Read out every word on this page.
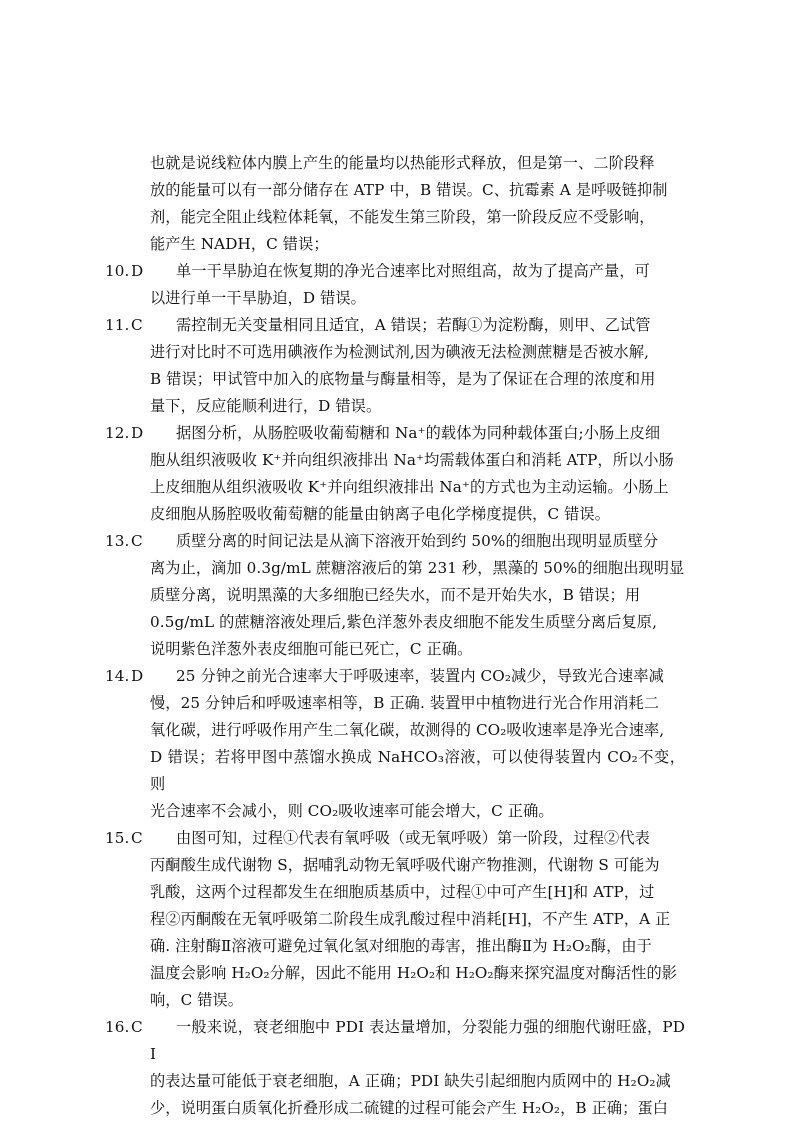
也就是说线粒体内膜上产生的能量均以热能形式释放，但是第一、二阶段释
放的能量可以有一部分储存在 ATP 中，B 错误。C、抗霉素 A 是呼吸链抑制
剂，能完全阻止线粒体耗氧，不能发生第三阶段，第一阶段反应不受影响，
能产生 NADH，C 错误；
10. D	单一干旱胁迫在恢复期的净光合速率比对照组高，故为了提高产量，可
以进行单一干旱胁迫，D 错误。
11. C	需控制无关变量相同且适宜，A 错误；若酶①为淀粉酶，则甲、乙试管
进行对比时不可选用碘液作为检测试剂,因为碘液无法检测蔗糖是否被水解,
B 错误；甲试管中加入的底物量与酶量相等，是为了保证在合理的浓度和用
量下，反应能顺利进行，D 错误。
12. D	据图分析，从肠腔吸收葡萄糖和 Na⁺的载体为同种载体蛋白;小肠上皮细
胞从组织液吸收 K⁺并向组织液排出 Na⁺均需载体蛋白和消耗 ATP，所以小肠
上皮细胞从组织液吸收 K⁺并向组织液排出 Na⁺的方式也为主动运输。小肠上
皮细胞从肠腔吸收葡萄糖的能量由钠离子电化学梯度提供，C 错误。
13. C	质壁分离的时间记法是从滴下溶液开始到约 50%的细胞出现明显质壁分
离为止，滴加 0.3g/mL 蔗糖溶液后的第 231 秒，黑藻的 50%的细胞出现明显
质壁分离，说明黑藻的大多细胞已经失水，而不是开始失水，B 错误；用
0.5g/mL 的蔗糖溶液处理后,紫色洋葱外表皮细胞不能发生质壁分离后复原,
说明紫色洋葱外表皮细胞可能已死亡，C 正确。
14. D	25 分钟之前光合速率大于呼吸速率，装置内 CO₂减少，导致光合速率减
慢，25 分钟后和呼吸速率相等，B 正确. 装置甲中植物进行光合作用消耗二
氧化碳，进行呼吸作用产生二氧化碳，故测得的 CO₂吸收速率是净光合速率,
D 错误；若将甲图中蒸馏水换成 NaHCO₃溶液，可以使得装置内 CO₂不变，则
光合速率不会减小，则 CO₂吸收速率可能会增大，C 正确。
15. C	由图可知，过程①代表有氧呼吸（或无氧呼吸）第一阶段，过程②代表
丙酮酸生成代谢物 S，据哺乳动物无氧呼吸代谢产物推测，代谢物 S 可能为
乳酸，这两个过程都发生在细胞质基质中，过程①中可产生[H]和 ATP，过
程②丙酮酸在无氧呼吸第二阶段生成乳酸过程中消耗[H]，不产生 ATP，A 正
确. 注射酶Ⅱ溶液可避免过氧化氢对细胞的毒害，推出酶Ⅱ为 H₂O₂酶，由于
温度会影响 H₂O₂分解，因此不能用 H₂O₂和 H₂O₂酶来探究温度对酶活性的影
响，C 错误。
16. C	一般来说，衰老细胞中 PDI 表达量增加，分裂能力强的细胞代谢旺盛，PDI
的表达量可能低于衰老细胞，A 正确；PDI 缺失引起细胞内质网中的 H₂O₂减
少，说明蛋白质氧化折叠形成二硫键的过程可能会产生 H₂O₂，B 正确；蛋白
